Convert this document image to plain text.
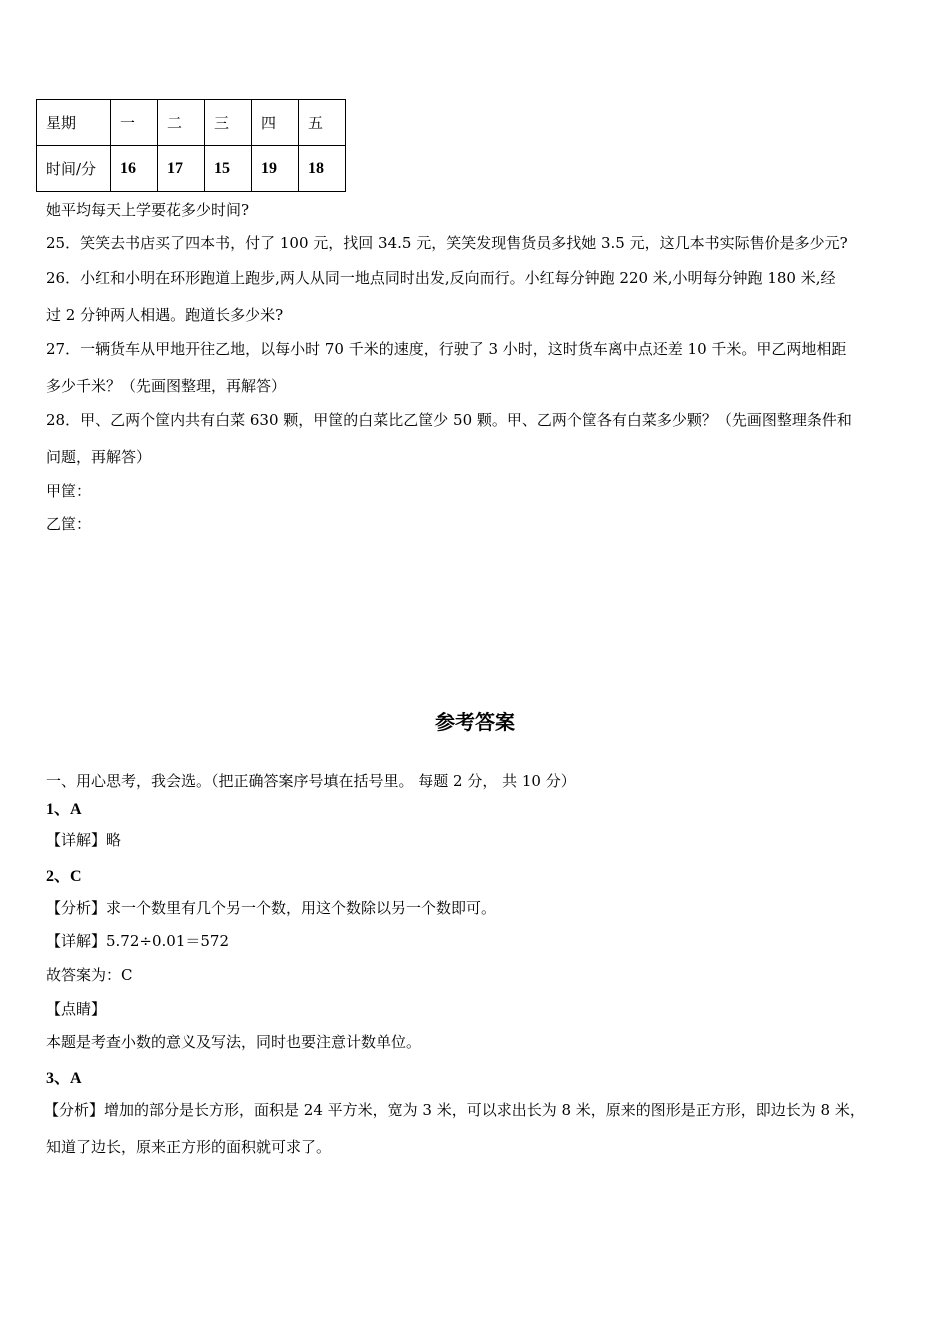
星期	一	二	三	四	五
时间/分	16	17	15	19	18
她平均每天上学要花多少时间?
25．笑笑去书店买了四本书，付了 100 元，找回 34.5 元，笑笑发现售货员多找她 3.5 元，这几本书实际售价是多少元?
26．小红和小明在环形跑道上跑步,两人从同一地点同时出发,反向而行。小红每分钟跑 220 米,小明每分钟跑 180 米,经
过 2 分钟两人相遇。跑道长多少米?
27．一辆货车从甲地开往乙地，以每小时 70 千米的速度，行驶了 3 小时，这时货车离中点还差 10 千米。甲乙两地相距
多少千米？（先画图整理，再解答）
28．甲、乙两个筐内共有白菜 630 颗，甲筐的白菜比乙筐少 50 颗。甲、乙两个筐各有白菜多少颗？（先画图整理条件和
问题，再解答）
甲筐：
乙筐：
参考答案
一、用心思考，我会选。（把正确答案序号填在括号里。 每题 2 分， 共 10 分）
1、A
【详解】略
2、C
【分析】求一个数里有几个另一个数，用这个数除以另一个数即可。
【详解】5.72÷0.01＝572
故答案为：C
【点睛】
本题是考查小数的意义及写法，同时也要注意计数单位。
3、A
【分析】增加的部分是长方形，面积是 24 平方米，宽为 3 米，可以求出长为 8 米，原来的图形是正方形，即边长为 8 米，
知道了边长，原来正方形的面积就可求了。
